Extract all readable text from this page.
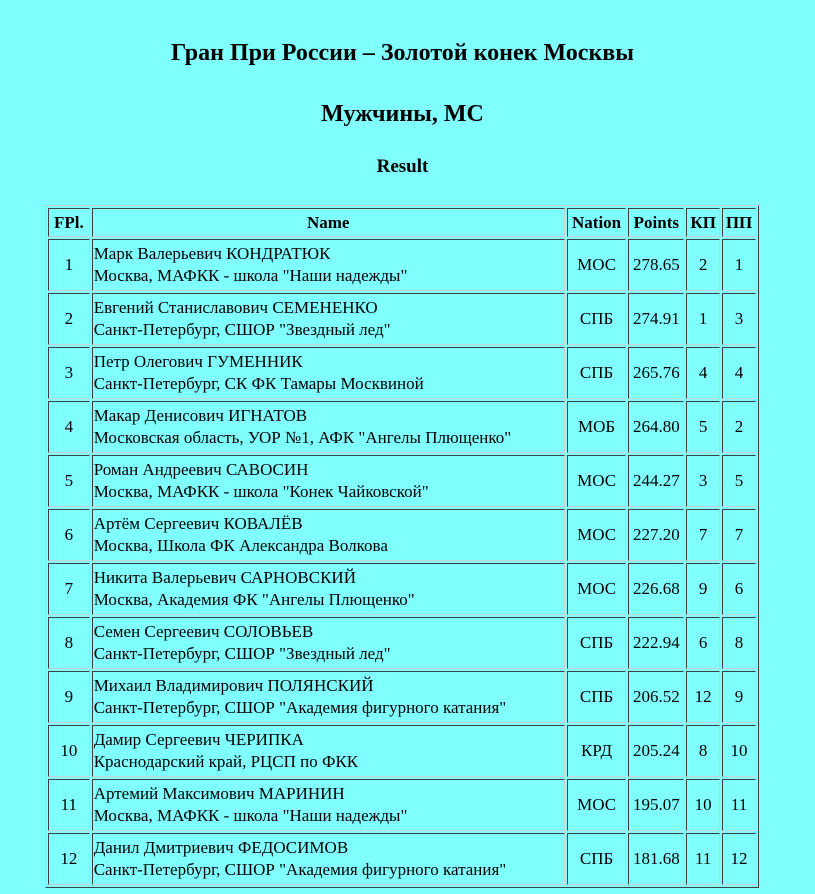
Гран При России – Золотой конек Москвы
Мужчины, МС
Result
FPl.	Name	Nation	Points	КП	ПП
1	Марк Валерьевич КОНДРАТЮК
Москва, МАФКК - школа "Наши надежды"	МОС	278.65	2	1
2	Евгений Станиславович СЕМЕНЕНКО
Санкт-Петербург, СШОР "Звездный лед"	СПБ	274.91	1	3
3	Петр Олегович ГУМЕННИК
Санкт-Петербург, СК ФК Тамары Москвиной	СПБ	265.76	4	4
4	Макар Денисович ИГНАТОВ
Московская область, УОР №1, АФК "Ангелы Плющенко"	МОБ	264.80	5	2
5	Роман Андреевич САВОСИН
Москва, МАФКК - школа "Конек Чайковской"	МОС	244.27	3	5
6	Артём Сергеевич КОВАЛЁВ
Москва, Школа ФК Александра Волкова	МОС	227.20	7	7
7	Никита Валерьевич САРНОВСКИЙ
Москва, Академия ФК "Ангелы Плющенко"	МОС	226.68	9	6
8	Семен Сергеевич СОЛОВЬЕВ
Санкт-Петербург, СШОР "Звездный лед"	СПБ	222.94	6	8
9	Михаил Владимирович ПОЛЯНСКИЙ
Санкт-Петербург, СШОР "Академия фигурного катания"	СПБ	206.52	12	9
10	Дамир Сергеевич ЧЕРИПКА
Краснодарский край, РЦСП по ФКК	КРД	205.24	8	10
11	Артемий Максимович МАРИНИН
Москва, МАФКК - школа "Наши надежды"	МОС	195.07	10	11
12	Данил Дмитриевич ФЕДОСИМОВ
Санкт-Петербург, СШОР "Академия фигурного катания"	СПБ	181.68	11	12
